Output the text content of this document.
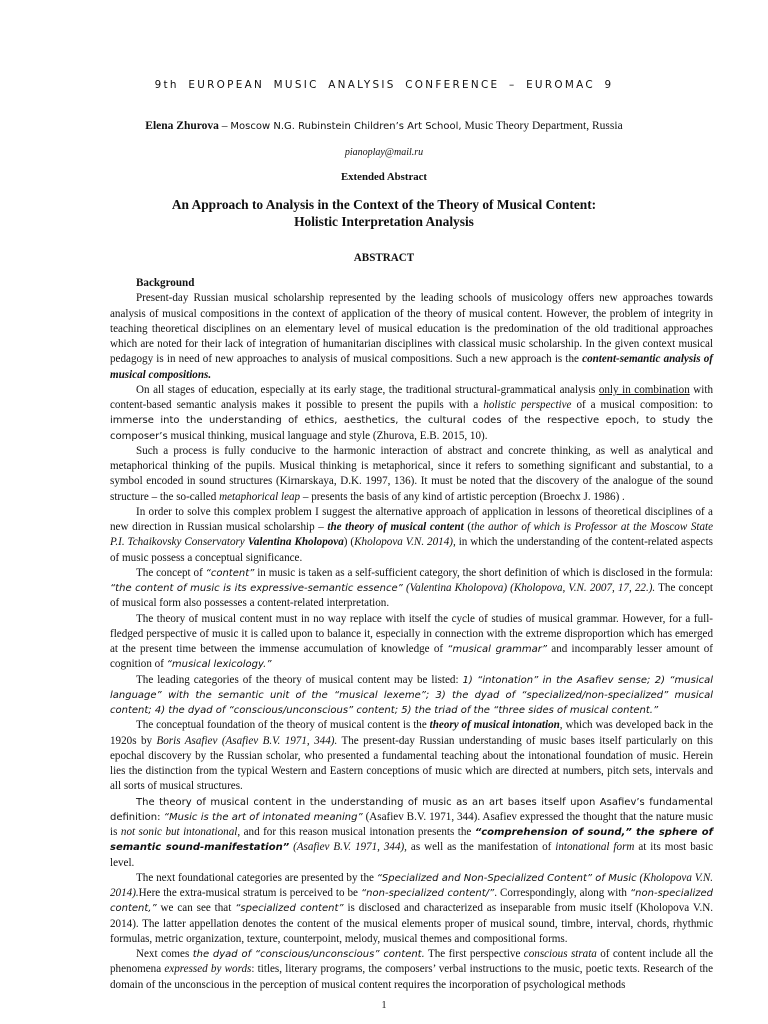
9th EUROPEAN MUSIC ANALYSIS CONFERENCE – EUROMAC 9
Elena Zhurova – Moscow N.G. Rubinstein Children’s Art School, Music Theory Department, Russia
pianoplay@mail.ru
Extended Abstract
An Approach to Analysis in the Context of the Theory of Musical Content:
Holistic Interpretation Analysis
ABSTRACT

Background

Present-day Russian musical scholarship represented by the leading schools of musicology offers new approaches towards analysis of musical compositions in the context of application of the theory of musical content. However, the problem of integrity in teaching theoretical disciplines on an elementary level of musical education is the predomination of the old traditional approaches which are noted for their lack of integration of humanitarian disciplines with classical music scholarship. In the given context musical pedagogy is in need of new approaches to analysis of musical compositions. Such a new approach is the content-semantic analysis of musical compositions.

On all stages of education, especially at its early stage, the traditional structural-grammatical analysis only in combination with content-based semantic analysis makes it possible to present the pupils with a holistic perspective of a musical composition: to immerse into the understanding of ethics, aesthetics, the cultural codes of the respective epoch, to study the composer’s musical thinking, musical language and style (Zhurova, E.B. 2015, 10).

Such a process is fully conducive to the harmonic interaction of abstract and concrete thinking, as well as analytical and metaphorical thinking of the pupils. Musical thinking is metaphorical, since it refers to something significant and substantial, to a symbol encoded in sound structures (Kirnarskaya, D.K. 1997, 136). It must be noted that the discovery of the analogue of the sound structure – the so-called metaphorical leap – presents the basis of any kind of artistic perception (Broechx J. 1986) .

In order to solve this complex problem I suggest the alternative approach of application in lessons of theoretical disciplines of a new direction in Russian musical scholarship – the theory of musical content (the author of which is Professor at the Moscow State P.I. Tchaikovsky Conservatory Valentina Kholopova) (Kholopova V.N. 2014), in which the understanding of the content-related aspects of music possess a conceptual significance.

The concept of “content” in music is taken as a self-sufficient category, the short definition of which is disclosed in the formula: “the content of music is its expressive-semantic essence” (Valentina Kholopova) (Kholopova, V.N. 2007, 17, 22.). The concept of musical form also possesses a content-related interpretation.

The theory of musical content must in no way replace with itself the cycle of studies of musical grammar. However, for a full-fledged perspective of music it is called upon to balance it, especially in connection with the extreme disproportion which has emerged at the present time between the immense accumulation of knowledge of “musical grammar” and incomparably lesser amount of cognition of “musical lexicology.”

The leading categories of the theory of musical content may be listed: 1) “intonation” in the Asafiev sense; 2) “musical language” with the semantic unit of the “musical lexeme”; 3) the dyad of “specialized/non-specialized” musical content; 4) the dyad of “conscious/unconscious” content; 5) the triad of the “three sides of musical content.”

The conceptual foundation of the theory of musical content is the theory of musical intonation, which was developed back in the 1920s by Boris Asafiev (Asafiev B.V. 1971, 344). The present-day Russian understanding of music bases itself particularly on this epochal discovery by the Russian scholar, who presented a fundamental teaching about the intonational foundation of music. Herein lies the distinction from the typical Western and Eastern conceptions of music which are directed at numbers, pitch sets, intervals and all sorts of musical structures.

The theory of musical content in the understanding of music as an art bases itself upon Asafiev’s fundamental definition: “Music is the art of intonated meaning” (Asafiev B.V. 1971, 344). Asafiev expressed the thought that the nature music is not sonic but intonational, and for this reason musical intonation presents the “comprehension of sound,” the sphere of semantic sound-manifestation” (Asafiev B.V. 1971, 344), as well as the manifestation of intonational form at its most basic level.

The next foundational categories are presented by the “Specialized and Non-Specialized Content” of Music (Kholopova V.N. 2014).Here the extra-musical stratum is perceived to be “non-specialized content/”. Correspondingly, along with “non-specialized content,” we can see that “specialized content” is disclosed and characterized as inseparable from music itself (Kholopova V.N. 2014). The latter appellation denotes the content of the musical elements proper of musical sound, timbre, interval, chords, rhythmic formulas, metric organization, texture, counterpoint, melody, musical themes and compositional forms.

Next comes the dyad of “conscious/unconscious” content. The first perspective conscious strata of content include all the phenomena expressed by words: titles, literary programs, the composers’ verbal instructions to the music, poetic texts. Research of the domain of the unconscious in the perception of musical content requires the incorporation of psychological methods

1
